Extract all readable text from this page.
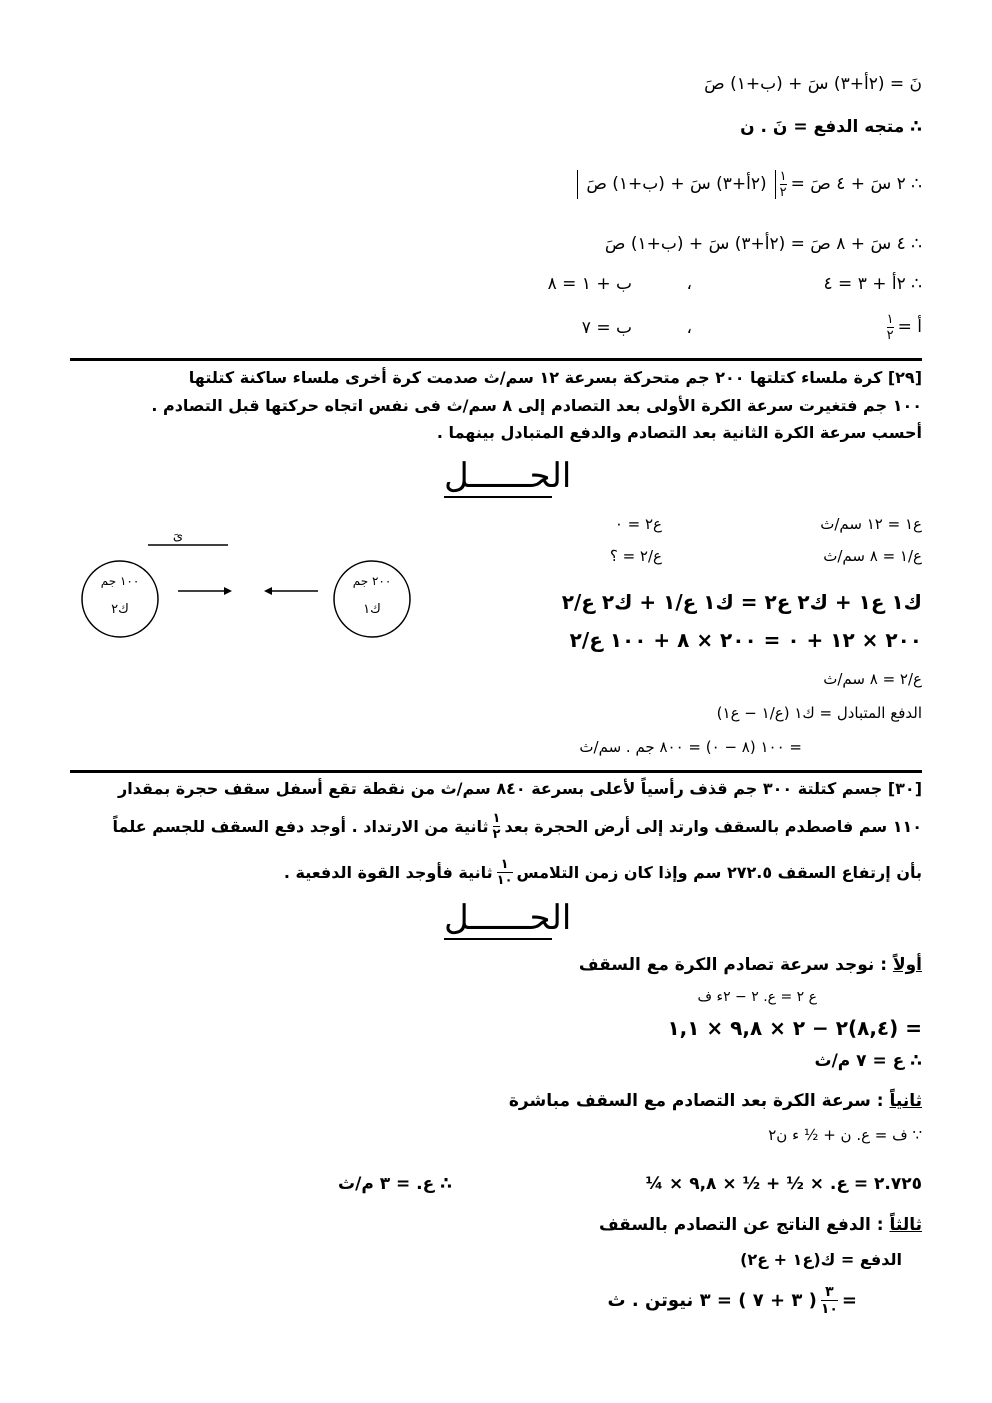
نَ = (٢أ+٣) سَ + (ب+١) صَ
∴ متجه الدفع = نَ . ن
∴ ٢ سَ + ٤ صَ =
$\frac{١}{٢}$
(٢أ+٣) سَ + (ب+١) صَ
∴ ٤ سَ + ٨ صَ = (٢أ+٣) سَ + (ب+١) صَ
∴ ٢أ + ٣ = ٤
،
ب + ١ = ٨
أ =
$\frac{١}{٢}$
،
ب = ٧
[٢٩] كرة ملساء كتلتها ٢٠٠ جم متحركة بسرعة ١٢ سم/ث صدمت كرة أخرى ملساء ساكنة كتلتها
١٠٠ جم فتغيرت سرعة الكرة الأولى بعد التصادم إلى ٨ سم/ث فى نفس اتجاه حركتها قبل التصادم .
أحسب سرعة الكرة الثانية بعد التصادم والدفع المتبادل بينهما .
الحــــــل
ع١ = ١٢ سم/ث
ع٢ = ٠
ع/١ = ٨ سم/ث
ع/٢ = ؟
ك١ ع١ + ك٢ ع٢ = ك١ ع/١ + ك٢ ع/٢
٢٠٠ × ١٢ + ٠ = ٢٠٠ × ٨ + ١٠٠ ع/٢
ع/٢ = ٨ سم/ث
الدفع المتبادل = ك١ (ع/١ − ع١)
= ١٠٠ (٨ − ٠) = ٨٠٠ جم . سم/ث
ىَ
١٠٠ جم
ك٢
٢٠٠ جم
ك١
[٣٠] جسم كتلتة ٣٠٠ جم قذف رأسياً لأعلى بسرعة ٨٤٠ سم/ث من نقطة تقع أسفل سقف حجرة بمقدار
١١٠ سم فاصطدم بالسقف وارتد إلى أرض الحجرة بعد
$\frac{١}{٢}$
ثانية من الارتداد . أوجد دفع السقف للجسم علماً
بأن إرتفاع السقف ٢٧٢.٥ سم وإذا كان زمن التلامس
$\frac{١}{١٠}$
ثانية فأوجد القوة الدفعية .
الحــــــل
أولاً : نوجد سرعة تصادم الكرة مع السقف
ع ٢ = ع. ٢ − ٢ء ف
= (٨,٤)٢ − ٢ × ٩,٨ × ١,١
∴ ع = ٧ م/ث
ثانياً : سرعة الكرة بعد التصادم مع السقف مباشرة
∵ ف = ع. ن + ½ ء ن٢
٢.٧٢٥ = ع. × ½ + ½ × ٩,٨ × ¼
∴ ع. = ٣ م/ث
ثالثاً : الدفع الناتج عن التصادم بالسقف
الدفع = ك(ع١ + ع٢)
=
$\frac{٣}{١٠}$
( ٣ + ٧ ) = ٣ نيوتن . ث
